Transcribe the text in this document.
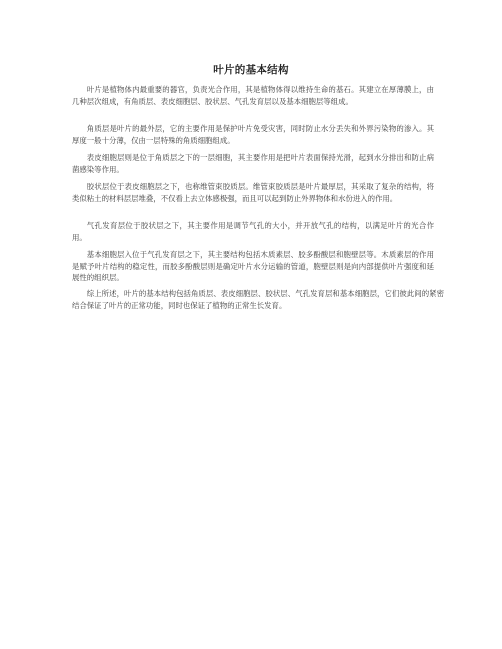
叶片的基本结构

叶片是植物体内最重要的器官，负责光合作用，其是植物体得以维持生命的基石。其建立在厚薄膜上，由几种层次组成，有角质层、表皮细胞层、胶状层、气孔发育层以及基本细胞层等组成。

角质层是叶片的最外层，它的主要作用是保护叶片免受灾害，同时防止水分丢失和外界污染物的渗入。其厚度一般十分薄，仅由一层特殊的角质细胞组成。

表皮细胞层则是位于角质层之下的一层细胞，其主要作用是把叶片表面保持光滑，起到水分排出和防止病菌感染等作用。

胶状层位于表皮细胞层之下，也称维管束胶质层。维管束胶质层是叶片最厚层，其采取了复杂的结构，将类似粘土的材料层层堆叠，不仅看上去立体感极强，而且可以起到防止外界物体和水份进入的作用。

气孔发育层位于胶状层之下，其主要作用是调节气孔的大小，并开放气孔的结构，以满足叶片的光合作用。

基本细胞层入位于气孔发育层之下，其主要结构包括木质素层、胶多酚酸层和胞壁层等。木质素层的作用是赋予叶片结构的稳定性，而胶多酚酸层则是确定叶片水分运输的管道，胞壁层则是向内部提供叶片强度和延展性的组织层。

综上所述，叶片的基本结构包括角质层、表皮细胞层、胶状层、气孔发育层和基本细胞层，它们彼此间的紧密结合保证了叶片的正常功能，同时也保证了植物的正常生长发育。
